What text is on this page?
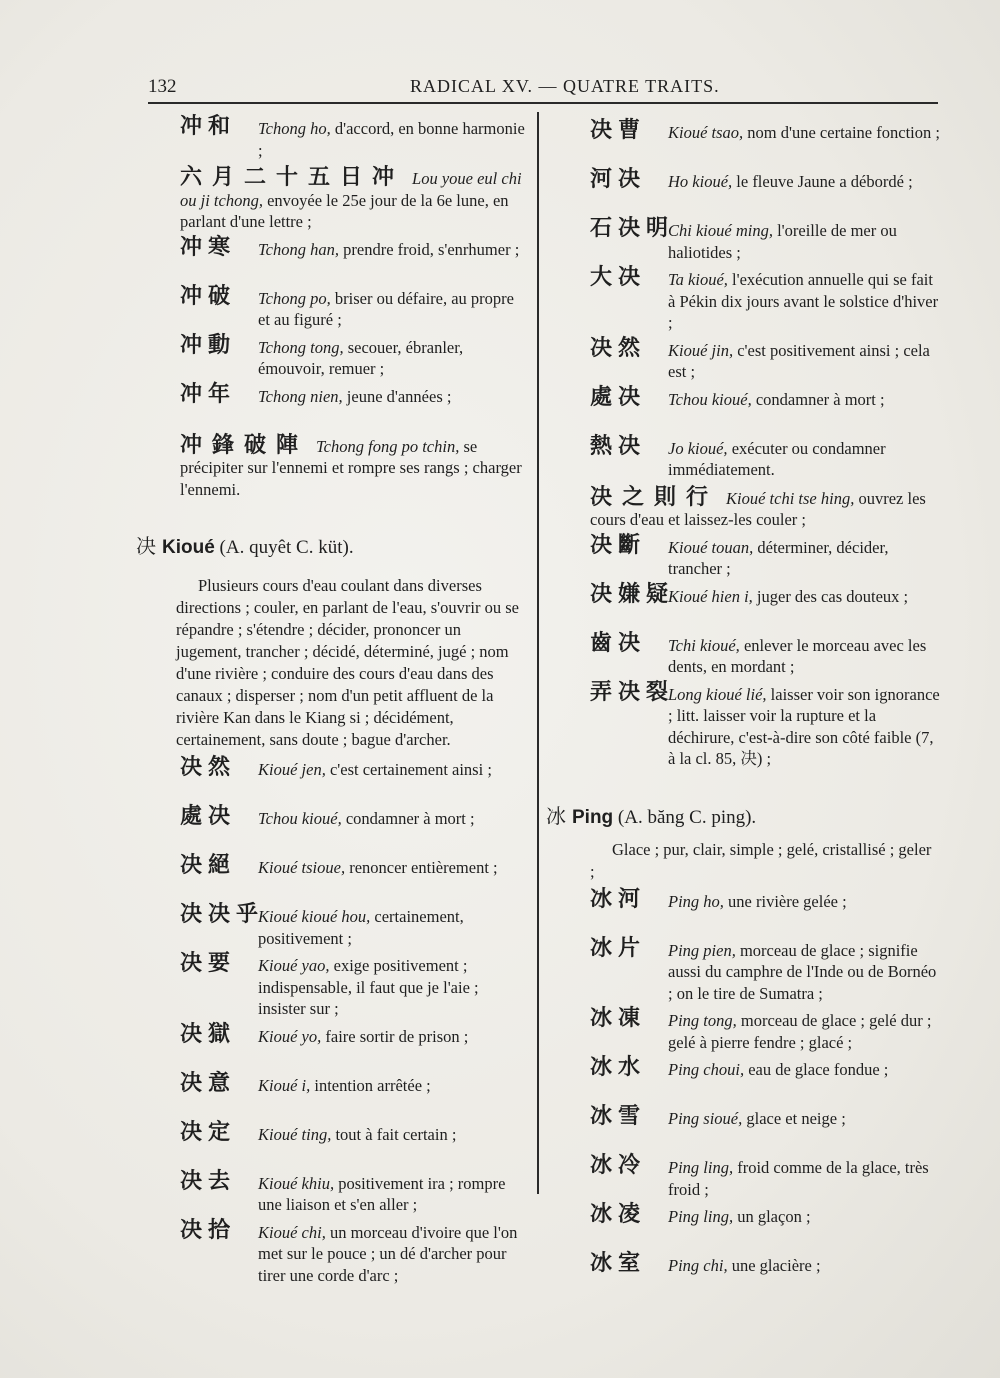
132	RADICAL XV. — QUATRE TRAITS.
冲和 Tchong ho, d'accord, en bonne harmonie ;
六月二十五日冲 Lou youe eul chi ou ji tchong, envoyée le 25e jour de la 6e lune, en parlant d'une lettre ;
冲寒 Tchong han, prendre froid, s'enrhumer ;
冲破 Tchong po, briser ou défaire, au propre et au figuré ;
冲動 Tchong tong, secouer, ébranler, émouvoir, remuer ;
冲年 Tchong nien, jeune d'années ;
冲鋒破陣 Tchong fong po tchin, se précipiter sur l'ennemi et rompre ses rangs ; charger l'ennemi.
决 Kioué (A. quyêt C. küt).

Plusieurs cours d'eau coulant dans diverses directions ; couler, en parlant de l'eau, s'ouvrir ou se répandre ; s'étendre ; décider, prononcer un jugement, trancher ; décidé, déterminé, jugé ; nom d'une rivière ; conduire des cours d'eau dans des canaux ; disperser ; nom d'un petit affluent de la rivière Kan dans le Kiang si ; décidément, certainement, sans doute ; bague d'archer.

决然 Kioué jen, c'est certainement ainsi ;
處决 Tchou kioué, condamner à mort ;
决絕 Kioué tsioue, renoncer entièrement ;
决决乎
Kioué kioué hou, certainement, positivement ;
决要 Kioué yao, exige positivement ; indispensable, il faut que je l'aie ; insister sur ;
决獄 Kioué yo, faire sortir de prison ;
决意 Kioué i, intention arrêtée ;
决定 Kioué ting, tout à fait certain ;
决去 Kioué khiu, positivement ira ; rompre une liaison et s'en aller ;
决拾 Kioué chi, un morceau d'ivoire que l'on met sur le pouce ; un dé d'archer pour tirer une corde d'arc ;
决曹 Kioué tsao, nom d'une certaine fonction ;
河决 Ho kioué, le fleuve Jaune a débordé ;
石决明
Chi kioué ming, l'oreille de mer ou haliotides ;
大决 Ta kioué, l'exécution annuelle qui se fait à Pékin dix jours avant le solstice d'hiver ;
决然 Kioué jin, c'est positivement ainsi ; cela est ;
處决 Tchou kioué, condamner à mort ;
熱决 Jo kioué, exécuter ou condamner immédiatement.
决之則行 Kioué tchi tse hing, ouvrez les cours d'eau et laissez-les couler ;
决斷 Kioué touan, déterminer, décider, trancher ;
决嫌疑
Kioué hien i, juger des cas douteux ;
齒决 Tchi kioué, enlever le morceau avec les dents, en mordant ;
弄决裂
Long kioué lié, laisser voir son ignorance ; litt. laisser voir la rupture et la déchirure, c'est-à-dire son côté faible (7, à la cl. 85, 决) ;
冰 Ping (A. băng C. ping).

Glace ; pur, clair, simple ; gelé, cristallisé ; geler ;

冰河 Ping ho, une rivière gelée ;
冰片 Ping pien, morceau de glace ; signifie aussi du camphre de l'Inde ou de Bornéo ; on le tire de Sumatra ;
冰凍 Ping tong, morceau de glace ; gelé dur ; gelé à pierre fendre ; glacé ;
冰水 Ping choui, eau de glace fondue ;
冰雪 Ping sioué, glace et neige ;
冰冷 Ping ling, froid comme de la glace, très froid ;
冰凌 Ping ling, un glaçon ;
冰室 Ping chi, une glacière ;
